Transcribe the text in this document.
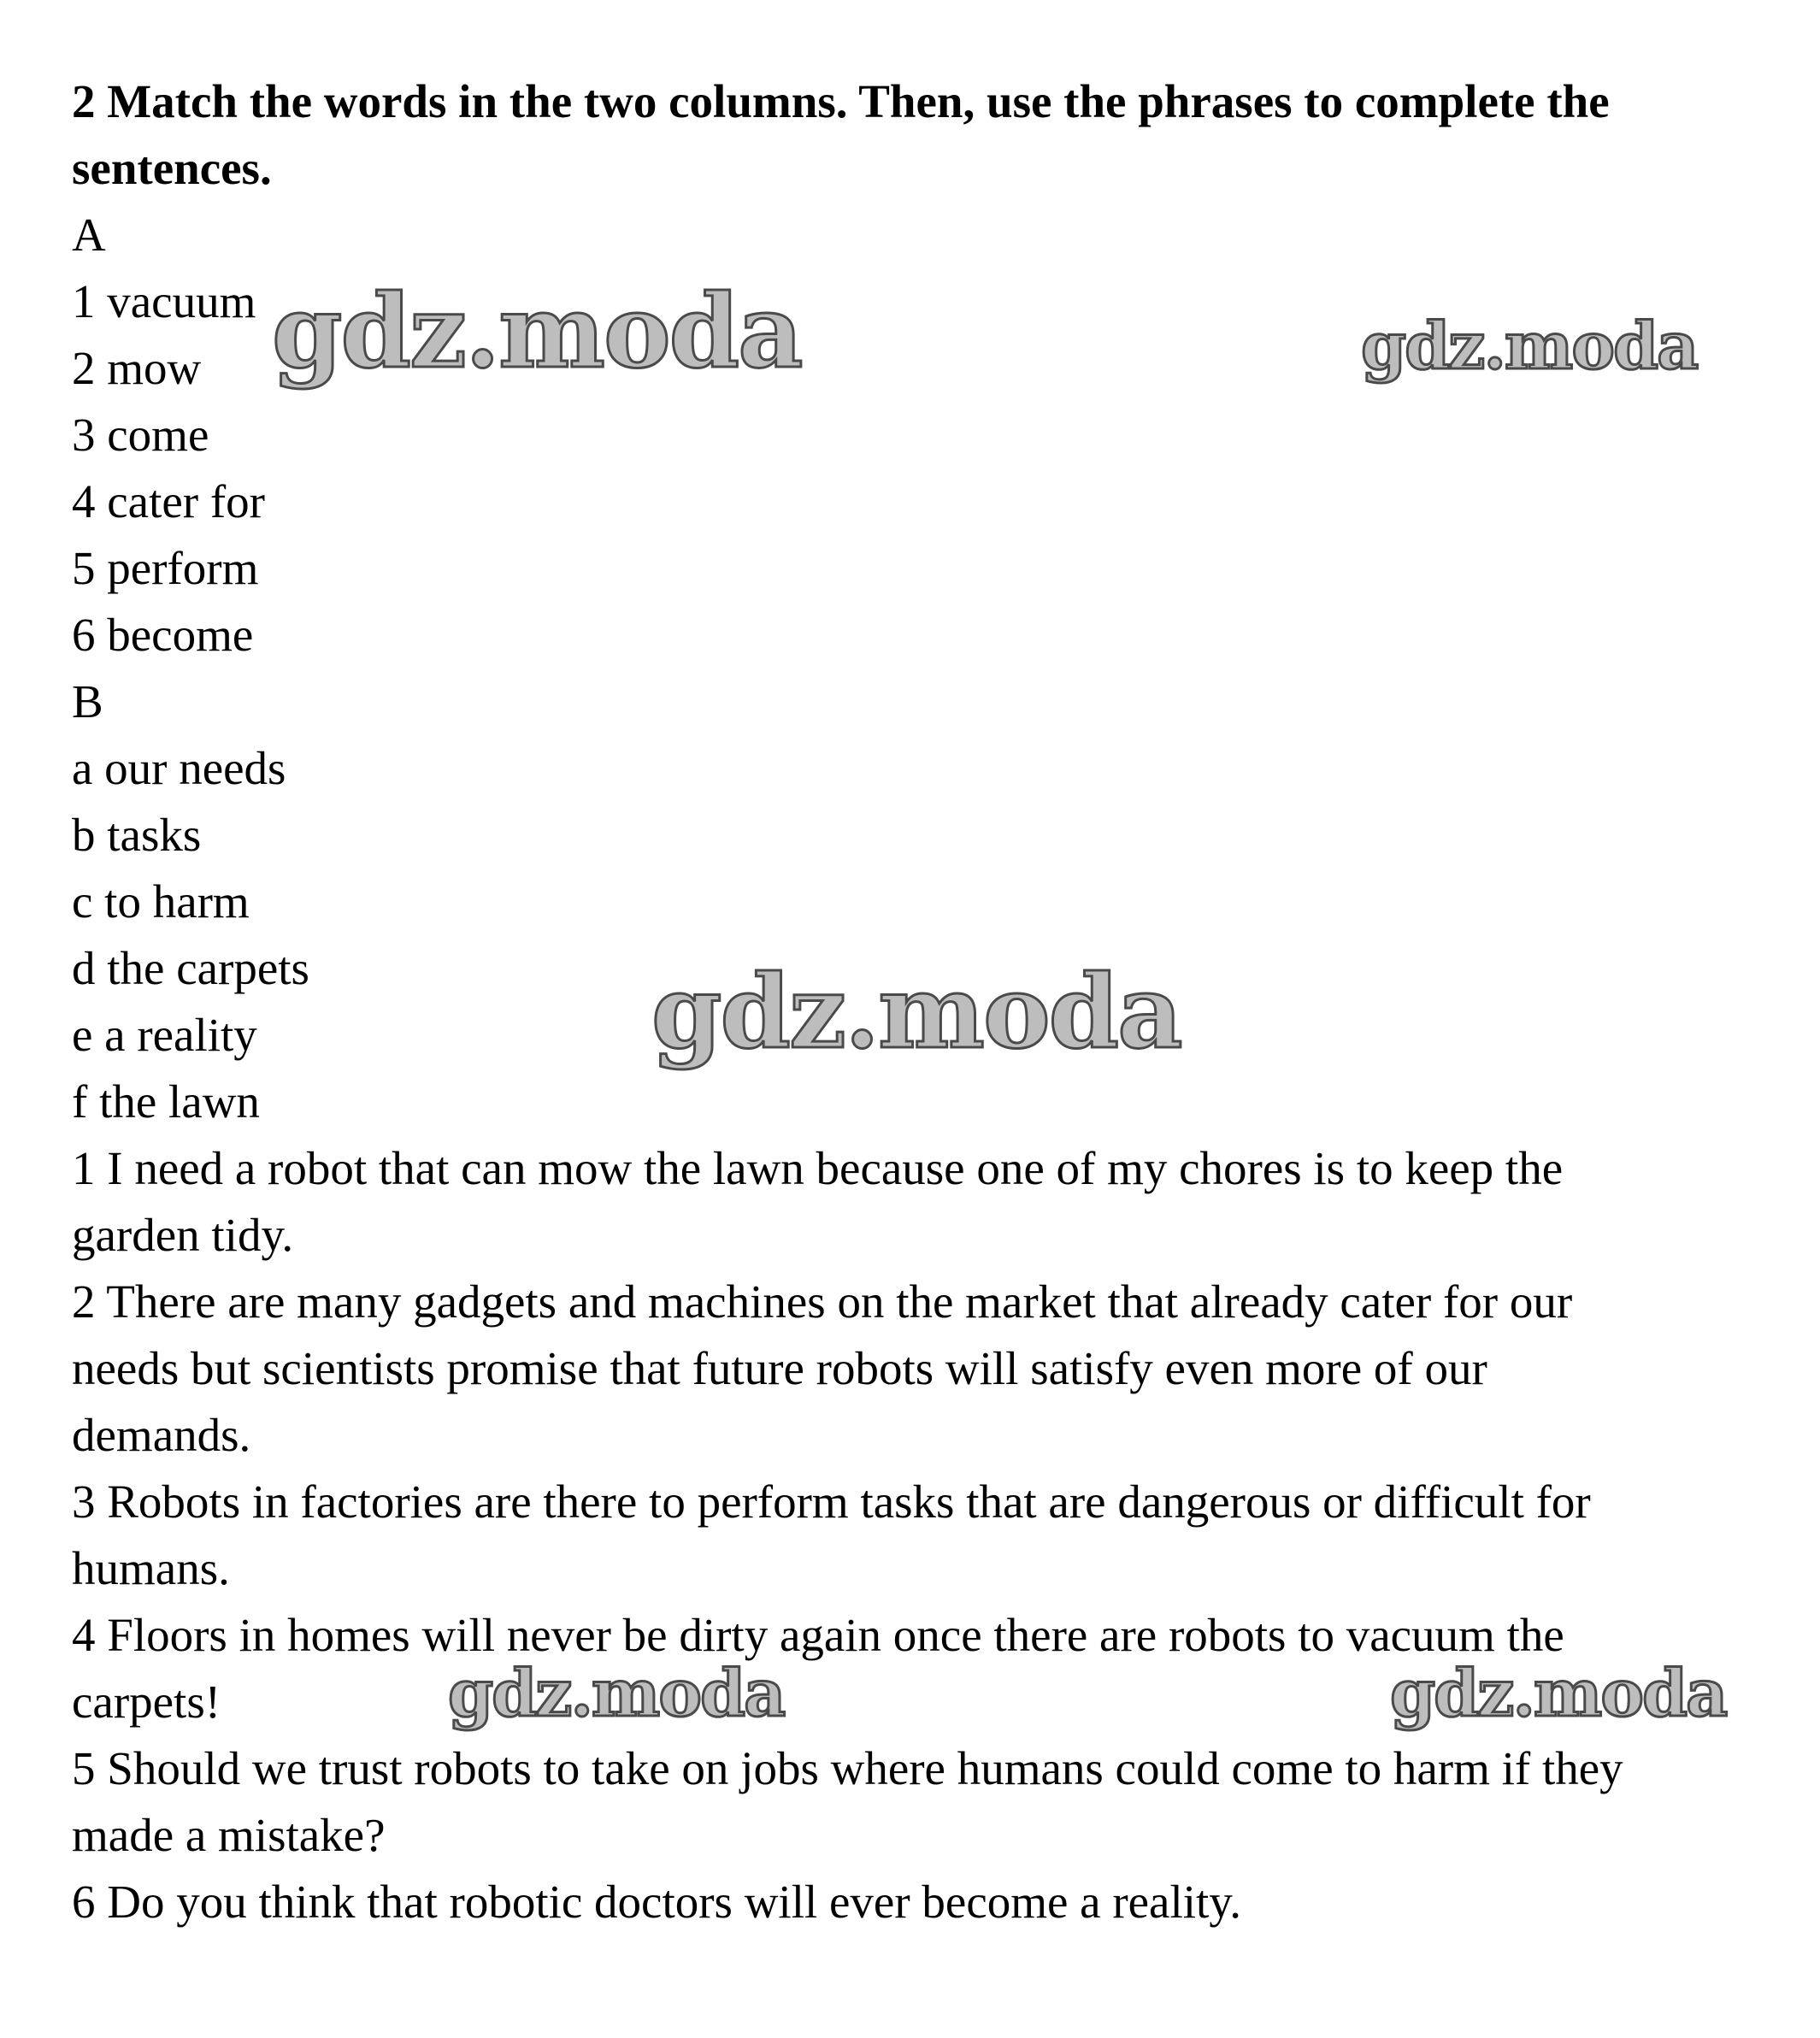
2 Match the words in the two columns. Then, use the phrases to complete the
sentences.
A
1 vacuum
2 mow
3 come
4 cater for
5 perform
6 become
B
a our needs
b tasks
c to harm
d the carpets
e a reality
f the lawn
1 I need a robot that can mow the lawn because one of my chores is to keep the
garden tidy.
2 There are many gadgets and machines on the market that already cater for our
needs but scientists promise that future robots will satisfy even more of our
demands.
3 Robots in factories are there to perform tasks that are dangerous or difficult for
humans.
4 Floors in homes will never be dirty again once there are robots to vacuum the
carpets!
5 Should we trust robots to take on jobs where humans could come to harm if they
made a mistake?
6 Do you think that robotic doctors will ever become a reality.
gdz.moda	gdz.moda
gdz.moda
gdz.moda	gdz.moda
